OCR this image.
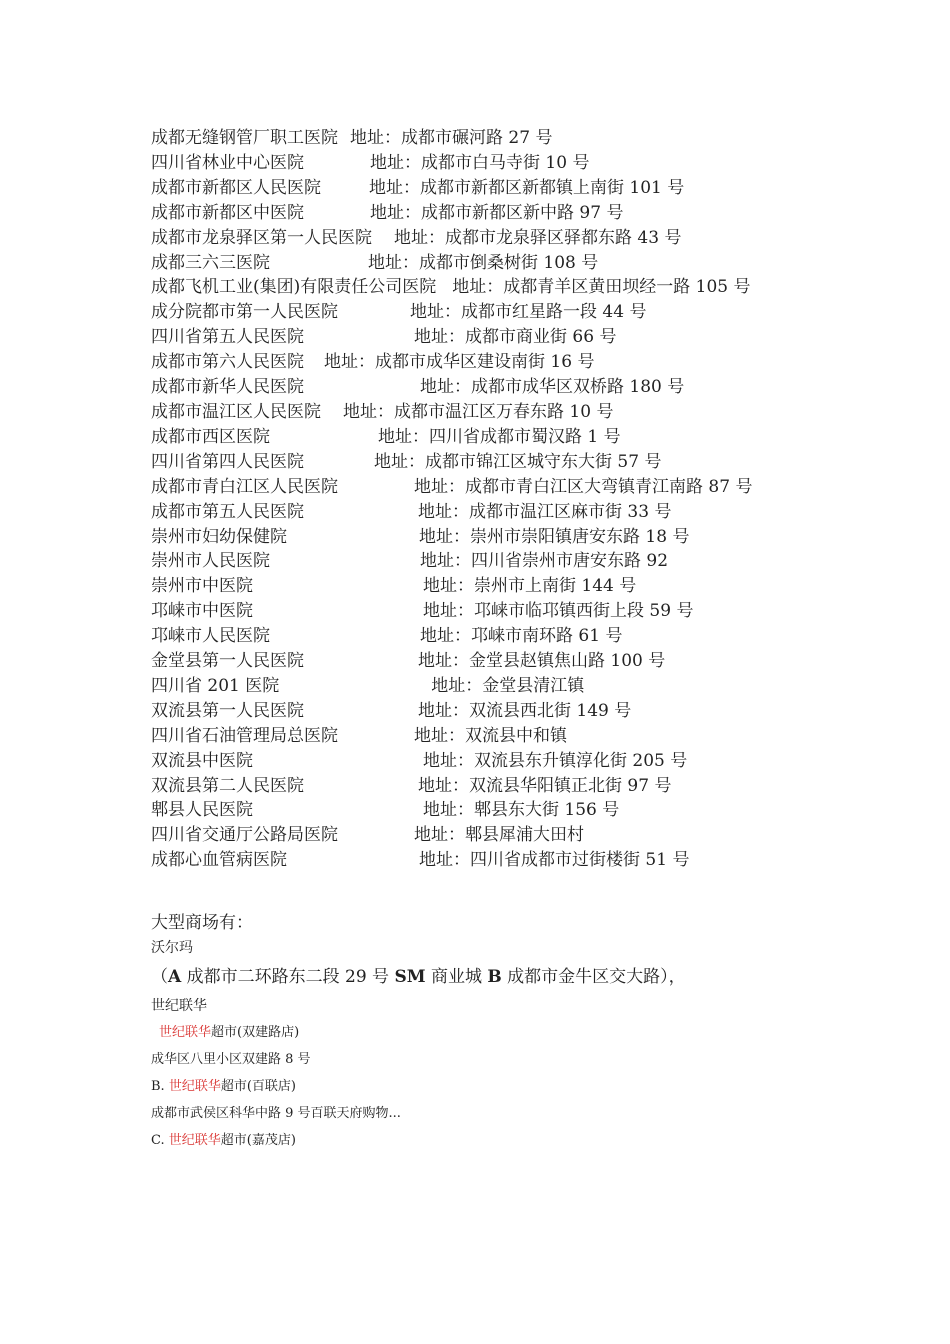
成都无缝钢管厂职工医院 地址：成都市碾河路 27 号
四川省林业中心医院	地址：成都市白马寺街 10 号
成都市新都区人民医院	地址：成都市新都区新都镇上南街 101 号
成都市新都区中医院	地址：成都市新都区新中路 97 号
成都市龙泉驿区第一人民医院 地址：成都市龙泉驿区驿都东路 43 号
成都三六三医院	地址：成都市倒桑树街 108 号
成都飞机工业(集团)有限责任公司医院 地址：成都青羊区黄田坝经一路 105 号
成分院都市第一人民医院	地址：成都市红星路一段 44 号
四川省第五人民医院	地址：成都市商业街 66 号
成都市第六人民医院 地址：成都市成华区建设南街 16 号
成都市新华人民医院	地址：成都市成华区双桥路 180 号
成都市温江区人民医院 地址：成都市温江区万春东路 10 号
成都市西区医院	地址：四川省成都市蜀汉路 1 号
四川省第四人民医院	地址：成都市锦江区城守东大街 57 号
成都市青白江区人民医院	地址：成都市青白江区大弯镇青江南路 87 号
成都市第五人民医院	地址：成都市温江区麻市街 33 号
崇州市妇幼保健院	地址：崇州市崇阳镇唐安东路 18 号
崇州市人民医院	地址：四川省崇州市唐安东路 92
崇州市中医院	地址：崇州市上南街 144 号
邛崃市中医院	地址：邛崃市临邛镇西街上段 59 号
邛崃市人民医院	地址：邛崃市南环路 61 号
金堂县第一人民医院	地址：金堂县赵镇焦山路 100 号
四川省 201 医院	地址：金堂县清江镇
双流县第一人民医院	地址：双流县西北街 149 号
四川省石油管理局总医院	地址：双流县中和镇
双流县中医院	地址：双流县东升镇淳化街 205 号
双流县第二人民医院	地址：双流县华阳镇正北街 97 号
郫县人民医院	地址：郫县东大街 156 号
四川省交通厅公路局医院	地址：郫县犀浦大田村
成都心血管病医院	地址：四川省成都市过街楼街 51 号
大型商场有：
沃尔玛
（A 成都市二环路东二段 29 号 SM 商业城 B 成都市金牛区交大路），
世纪联华
世纪联华超市(双建路店)
成华区八里小区双建路 8 号
B. 世纪联华超市(百联店)
成都市武侯区科华中路 9 号百联天府购物...
C. 世纪联华超市(嘉茂店)
